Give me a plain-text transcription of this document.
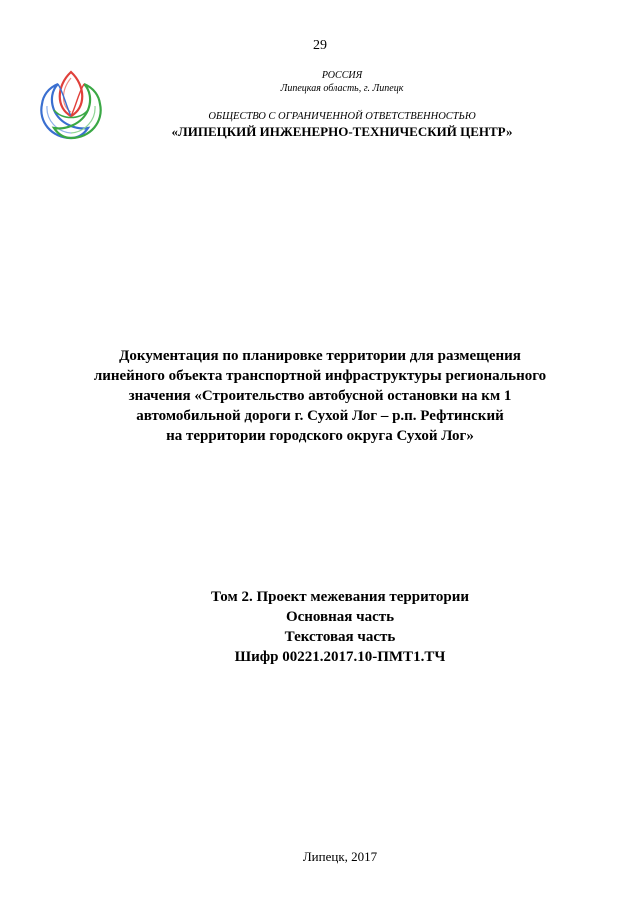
29
РОССИЯ
Липецкая область, г. Липецк
ОБЩЕСТВО С ОГРАНИЧЕННОЙ ОТВЕТСТВЕННОСТЬЮ
«ЛИПЕЦКИЙ ИНЖЕНЕРНО-ТЕХНИЧЕСКИЙ ЦЕНТР»
Документация по планировке территории для размещения
линейного объекта транспортной инфраструктуры регионального
значения «Строительство автобусной остановки на км 1
автомобильной дороги г. Сухой Лог – р.п. Рефтинский
на территории городского округа Сухой Лог»
Том 2. Проект межевания территории
Основная часть
Текстовая часть
Шифр 00221.2017.10-ПМТ1.ТЧ
Липецк, 2017
